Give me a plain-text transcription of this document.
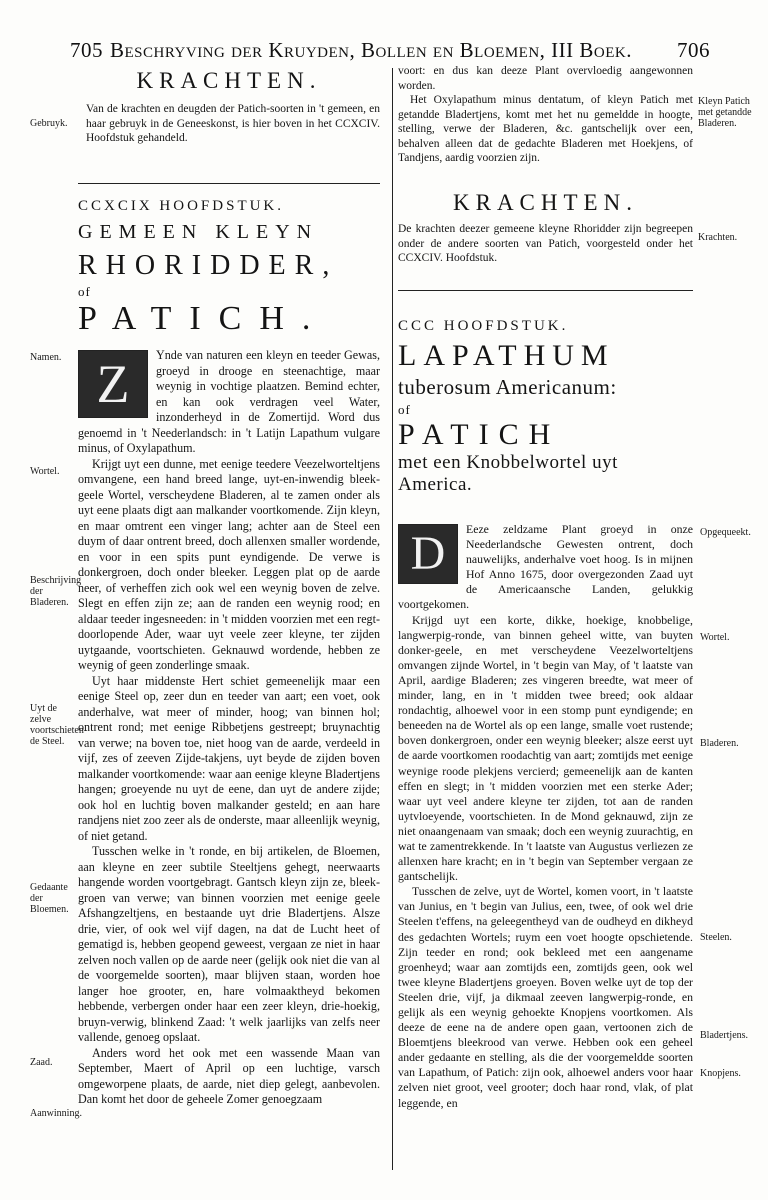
705 Beschryving der Kruyden, Bollen en Bloemen, III Boek. 706
KRACHTEN.

Van de krachten en deugden der Patich-soorten in 't gemeen, en haar gebruyk in de Geneeskonst, is hier boven in het CCXCIV. Hoofdstuk gehandeld.

Gebruyk.

CCXCIX HOOFDSTUK.

GEMEEN KLEYN

RHORIDDER,

of

PATICH.

Z	Ynde van naturen een kleyn en teeder Gewas, groeyd in drooge en steenachtige, maar weynig in vochtige plaatzen. Bemind echter, en kan ook verdragen veel Water, inzonderheyd in de Zomertijd. Word dus genoemd in 't Neederlandsch: in 't Latijn Lapathum vulgare minus, of Oxylapathum.

Krijgt uyt een dunne, met eenige teedere Veezelworteltjens omvangene, een hand breed lange, uyt-en-inwendig bleek-geele Wortel, verscheydene Bladeren, al te zamen onder als uyt eene plaats digt aan malkander voortkomende. Zijn kleyn, en maar omtrent een vinger lang; achter aan de Steel een duym of daar ontrent breed, doch allenxen smaller wordende, en voor in een spits punt eyndigende. De verwe is donkergroen, doch onder bleeker. Leggen plat op de aarde neer, of verheffen zich ook wel een weynig boven de zelve. Slegt en effen zijn ze; aan de randen een weynig rood; en aldaar teeder ingesneeden: in 't midden voorzien met een regt-doorlopende Ader, waar uyt veele zeer kleyne, ter zijden uytgaande, voortschieten. Geknauwd wordende, hebben ze weynig of geen zonderlinge smaak.

Uyt haar middenste Hert schiet gemeenelijk maar een eenige Steel op, zeer dun en teeder van aart; een voet, ook anderhalve, wat meer of minder, hoog; van binnen hol; ontrent rond; met eenige Ribbetjens gestreept; bruynachtig van verwe; na boven toe, niet hoog van de aarde, verdeeld in vijf, zes of zeeven Zijde-takjens, uyt beyde de zijden boven malkander voortkomende: waar aan eenige kleyne Bladertjens hangen; groeyende nu uyt de eene, dan uyt de andere zijde; ook hol en luchtig boven malkander gesteld; en aan hare randjens niet zoo zeer als de onderste, maar alleenlijk weynig, of niet getand.

Tusschen welke in 't ronde, en bij artikelen, de Bloemen, aan kleyne en zeer subtile Steeltjens gehegt, neerwaarts hangende worden voortgebragt. Gantsch kleyn zijn ze, bleek-groen van verwe; van binnen voorzien met eenige geele Afshangzeltjens, en bestaande uyt drie Bladertjens. Alsze drie, vier, of ook wel vijf dagen, na dat de Lucht heet of gematigd is, hebben geopend geweest, vergaan ze niet in haar zelven noch vallen op de aarde neer (gelijk ook niet die van al de voorgemelde soorten), maar blijven staan, worden hoe langer hoe grooter, en, hare volmaaktheyd bekomen hebbende, verbergen onder haar een zeer kleyn, drie-hoekig, bruyn-verwig, blinkend Zaad: 't welk jaarlijks van zelfs neer vallende, genoeg opslaat.

Anders word het ook met een wassende Maan van September, Maert of April op een luchtige, varsch omgeworpene plaats, de aarde, niet diep gelegt, aanbevolen. Dan komt het door de geheele Zomer genoegzaam

Namen.
Wortel.
Beschrijving der Bladeren.
Uyt de zelve voortschieten-de Steel.
Gedaante der Bloemen.
Zaad.
Aanwinning.

voort: en dus kan deeze Plant overvloedig aangewonnen worden.

Het Oxylapathum minus dentatum, of kleyn Patich met getandde Bladertjens, komt met het nu gemeldde in hoogte, stelling, verwe der Bladeren, &c. gantschelijk over een, behalven alleen dat de gedachte Bladeren met Hoekjens, of Tandjens, aardig voorzien zijn.

Kleyn Patich met getandde Bladeren.
KRACHTEN.

De krachten deezer gemeene kleyne Rhoridder zijn begreepen onder de andere soorten van Patich, voorgesteld onder het CCXCIV. Hoofdstuk.

Krachten.

CCC HOOFDSTUK.

LAPATHUM

tuberosum Americanum:

of

PATICH

met een Knobbelwortel uyt

America.

D	Eeze zeldzame Plant groeyd in onze Neederlandsche Gewesten ontrent, doch nauwelijks, anderhalve voet hoog. Is in mijnen Hof Anno 1675, door overgezonden Zaad uyt de Americaansche Landen, gelukkig voortgekomen.

Krijgd uyt een korte, dikke, hoekige, knobbelige, langwerpig-ronde, van binnen geheel witte, van buyten donker-geele, en met verscheydene Veezelworteltjens omvangen zijnde Wortel, in 't begin van May, of 't laatste van April, aardige Bladeren; zes vingeren breedte, wat meer of minder, lang, en in 't midden twee breed; ook aldaar rondachtig, alhoewel voor in een stomp punt eyndigende; en beneeden na de Wortel als op een lange, smalle voet rustende; boven donkergroen, onder een weynig bleeker; alsze eerst uyt de aarde voortkomen roodachtig van aart; zomtijds met eenige weynige roode plekjens vercierd; gemeenelijk aan de kanten effen en slegt; in 't midden voorzien met een sterke Ader; waar uyt veel andere kleyne ter zijden, tot aan de randen uytvloeyende, voortschieten. In de Mond geknauwd, zijn ze niet onaangenaam van smaak; doch een weynig zuurachtig, en wat te zamentrekkende. In 't laatste van Augustus verliezen ze allenxen hare kracht; en in 't begin van September vergaan ze gantschelijk.

Tusschen de zelve, uyt de Wortel, komen voort, in 't laatste van Junius, en 't begin van Julius, een, twee, of ook wel drie Steelen t'effens, na geleegentheyd van de oudheyd en dikheyd des gedachten Wortels; ruym een voet hoogte opschietende. Zijn teeder en rond; ook bekleed met een aangename groenheyd; waar aan zomtijds een, zomtijds geen, ook wel twee kleyne Bladertjens groeyen. Boven welke uyt de top der Steelen drie, vijf, ja dikmaal zeeven langwerpig-ronde, en gelijk als een weynig gehoekte Knopjens voortkomen. Als deeze de eene na de andere open gaan, vertoonen zich de Bloemtjens bleekrood van verwe. Hebben ook een geheel ander gedaante en stelling, als die der voorgemeldde soorten van Lapathum, of Patich: zijn ook, alhoewel anders voor haar zelven niet groot, veel grooter; doch haar rond, vlak, of plat leggende, en

Opgequeekt.
Wortel.
Bladeren.
Steelen.
Bladertjens.
Knopjens.
